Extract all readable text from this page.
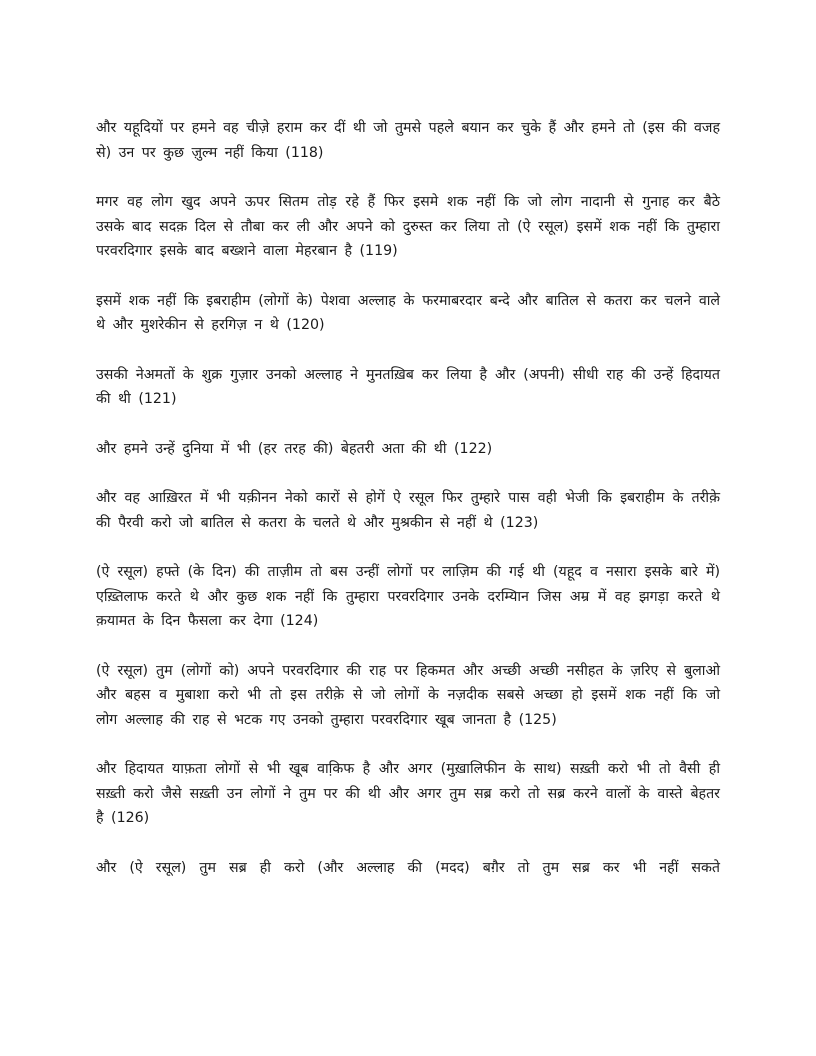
और यहूदियों पर हमने वह चीज़े हराम कर दीं थी जो तुमसे पहले बयान कर चुके हैं और हमने तो (इस की वजह से) उन पर कुछ ज़ुल्म नहीं किया (118)

मगर वह लोग खुद अपने ऊपर सितम तोड़ रहे हैं फिर इसमे शक नहीं कि जो लोग नादानी से गुनाह कर बैठे उसके बाद सदक़ दिल से तौबा कर ली और अपने को दुरुस्त कर लिया तो (ऐ रसूल) इसमें शक नहीं कि तुम्हारा परवरदिगार इसके बाद बख्शने वाला मेहरबान है (119)

इसमें शक नहीं कि इबराहीम (लोगों के) पेशवा अल्लाह के फरमाबरदार बन्दे और बातिल से कतरा कर चलने वाले थे और मुशरेकीन से हरगिज़ न थे (120)

उसकी नेअमतों के शुक्र गुज़ार उनको अल्लाह ने मुनतख़िब कर लिया है और (अपनी) सीधी राह की उन्हें हिदायत की थी (121)

और हमने उन्हें दुनिया में भी (हर तरह की) बेहतरी अता की थी (122)

और वह आख़िरत में भी यक़ीनन नेको कारों से होगें ऐ रसूल फिर तुम्हारे पास वही भेजी कि इबराहीम के तरीके़ की पैरवी करो जो बातिल से कतरा के चलते थे और मुश्रकीन से नहीं थे (123)

(ऐ रसूल) हफ्ते (के दिन) की ताज़ीम तो बस उन्हीं लोगों पर लाज़िम की गई थी (यहूद व नसारा इसके बारे में) एख़्तिलाफ करते थे और कुछ शक नहीं कि तुम्हारा परवरदिगार उनके दरम्यिान जिस अम्र में वह झगड़ा करते थे क़यामत के दिन फैसला कर देगा (124)

(ऐ रसूल) तुम (लोगों को) अपने परवरदिगार की राह पर हिकमत और अच्छी अच्छी नसीहत के ज़रिए से बुलाओ और बहस व मुबाशा करो भी तो इस तरीके़ से जो लोगों के नज़दीक सबसे अच्छा हो इसमें शक नहीं कि जो लोग अल्लाह की राह से भटक गए उनको तुम्हारा परवरदिगार खूब जानता है (125)

और हिदायत याफ़ता लोगों से भी खूब वाकि़फ है और अगर (मुख़ालिफीन के साथ) सख़्ती करो भी तो वैसी ही सख़्ती करो जैसे सख़्ती उन लोगों ने तुम पर की थी और अगर तुम सब्र करो तो सब्र करने वालों के वास्ते बेहतर है (126)

और (ऐ रसूल) तुम सब्र ही करो (और अल्लाह की (मदद) बग़ैर तो तुम सब्र कर भी नहीं सकते
